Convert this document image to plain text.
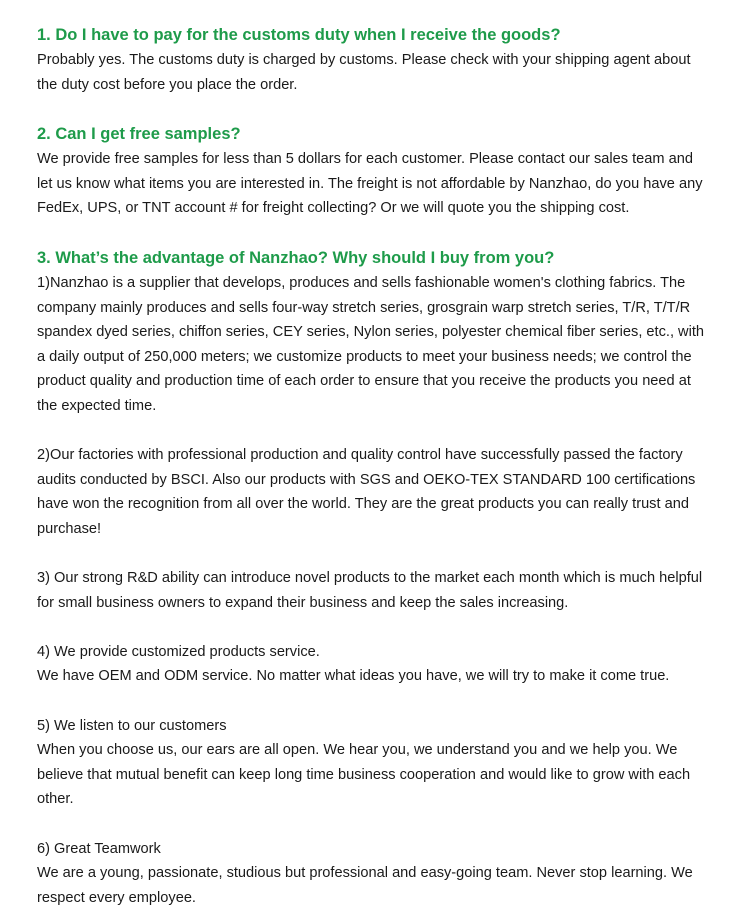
1. Do I have to pay for the customs duty when I receive the goods?

Probably yes. The customs duty is charged by customs. Please check with your shipping agent about the duty cost before you place the order.

2. Can I get free samples?

We provide free samples for less than 5 dollars for each customer. Please contact our sales team and let us know what items you are interested in. The freight is not affordable by Nanzhao, do you have any FedEx, UPS, or TNT account # for freight collecting? Or we will quote you the shipping cost.

3. What’s the advantage of Nanzhao? Why should I buy from you?

1)Nanzhao is a supplier that develops, produces and sells fashionable women's clothing fabrics. The company mainly produces and sells four-way stretch series, grosgrain warp stretch series, T/R, T/T/R spandex dyed series, chiffon series, CEY series, Nylon series, polyester chemical fiber series, etc., with a daily output of 250,000 meters; we customize products to meet your business needs; we control the product quality and production time of each order to ensure that you receive the products you need at the expected time.

2)Our factories with professional production and quality control have successfully passed the factory audits conducted by BSCI. Also our products with SGS and OEKO-TEX STANDARD 100 certifications have won the recognition from all over the world. They are the great products you can really trust and purchase!

3) Our strong R&D ability can introduce novel products to the market each month which is much helpful for small business owners to expand their business and keep the sales increasing.

4) We provide customized products service.
We have OEM and ODM service. No matter what ideas you have, we will try to make it come true.

5) We listen to our customers
When you choose us, our ears are all open. We hear you, we understand you and we help you. We believe that mutual benefit can keep long time business cooperation and would like to grow with each other.

6) Great Teamwork
We are a young, passionate, studious but professional and easy-going team. Never stop learning. We respect every employee.
